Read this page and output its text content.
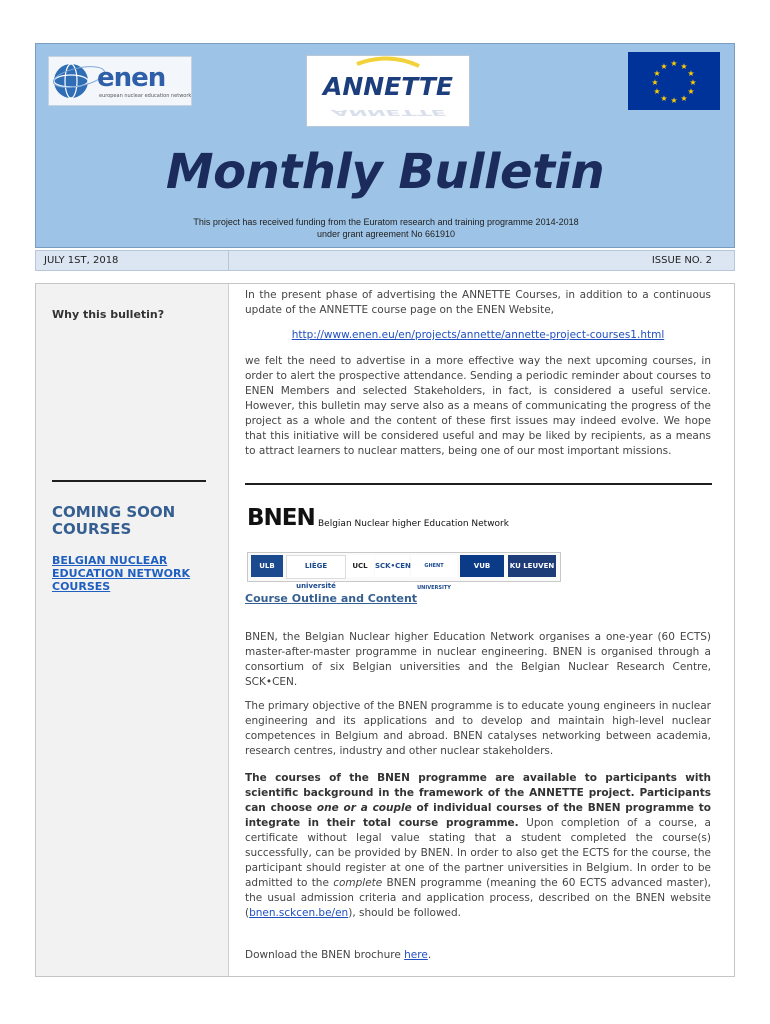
enen
european nuclear education network
ANNETTE
ANNETTE
★ ★
★
★
★
★
★
★
★
★
★
★
Monthly Bulletin
This project has received funding from the Euratom research and training programme 2014-2018
under grant agreement No 661910
JULY 1ST, 2018	ISSUE NO. 2
Why this bulletin?
COMING SOON COURSES
BELGIAN NUCLEAR EDUCATION NETWORK COURSES

In the present phase of advertising the ANNETTE Courses, in addition to a continuous update of the ANNETTE course page on the ENEN Website,

http://www.enen.eu/en/projects/annette/annette-project-courses1.html

we felt the need to advertise in a more effective way the next upcoming courses, in order to alert the prospective attendance. Sending a periodic reminder about courses to ENEN Members and selected Stakeholders, in fact, is considered a useful service. However, this bulletin may serve also as a means of communicating the progress of the project as a whole and the content of these first issues may indeed evolve. We hope that this initiative will be considered useful and may be liked by recipients, as a means to attract learners to nuclear matters, being one of our most important missions.

BNEN Belgian Nuclear higher Education Network
ULB	LIÈGE université
UCL	SCK•CEN	GHENT UNIVERSITY
VUB	KU LEUVEN
Course Outline and Content

BNEN, the Belgian Nuclear higher Education Network organises a one-year (60 ECTS) master-after-master programme in nuclear engineering. BNEN is organised through a consortium of six Belgian universities and the Belgian Nuclear Research Centre, SCK•CEN.

The primary objective of the BNEN programme is to educate young engineers in nuclear engineering and its applications and to develop and maintain high-level nuclear competences in Belgium and abroad. BNEN catalyses networking between academia, research centres, industry and other nuclear stakeholders.

The courses of the BNEN programme are available to participants with scientific background in the framework of the ANNETTE project. Participants can choose one or a couple of individual courses of the BNEN programme to integrate in their total course programme. Upon completion of a course, a certificate without legal value stating that a student completed the course(s) successfully, can be provided by BNEN. In order to also get the ECTS for the course, the participant should register at one of the partner universities in Belgium. In order to be admitted to the complete BNEN programme (meaning the 60 ECTS advanced master), the usual admission criteria and application process, described on the BNEN website (bnen.sckcen.be/en), should be followed.

Download the BNEN brochure here.
